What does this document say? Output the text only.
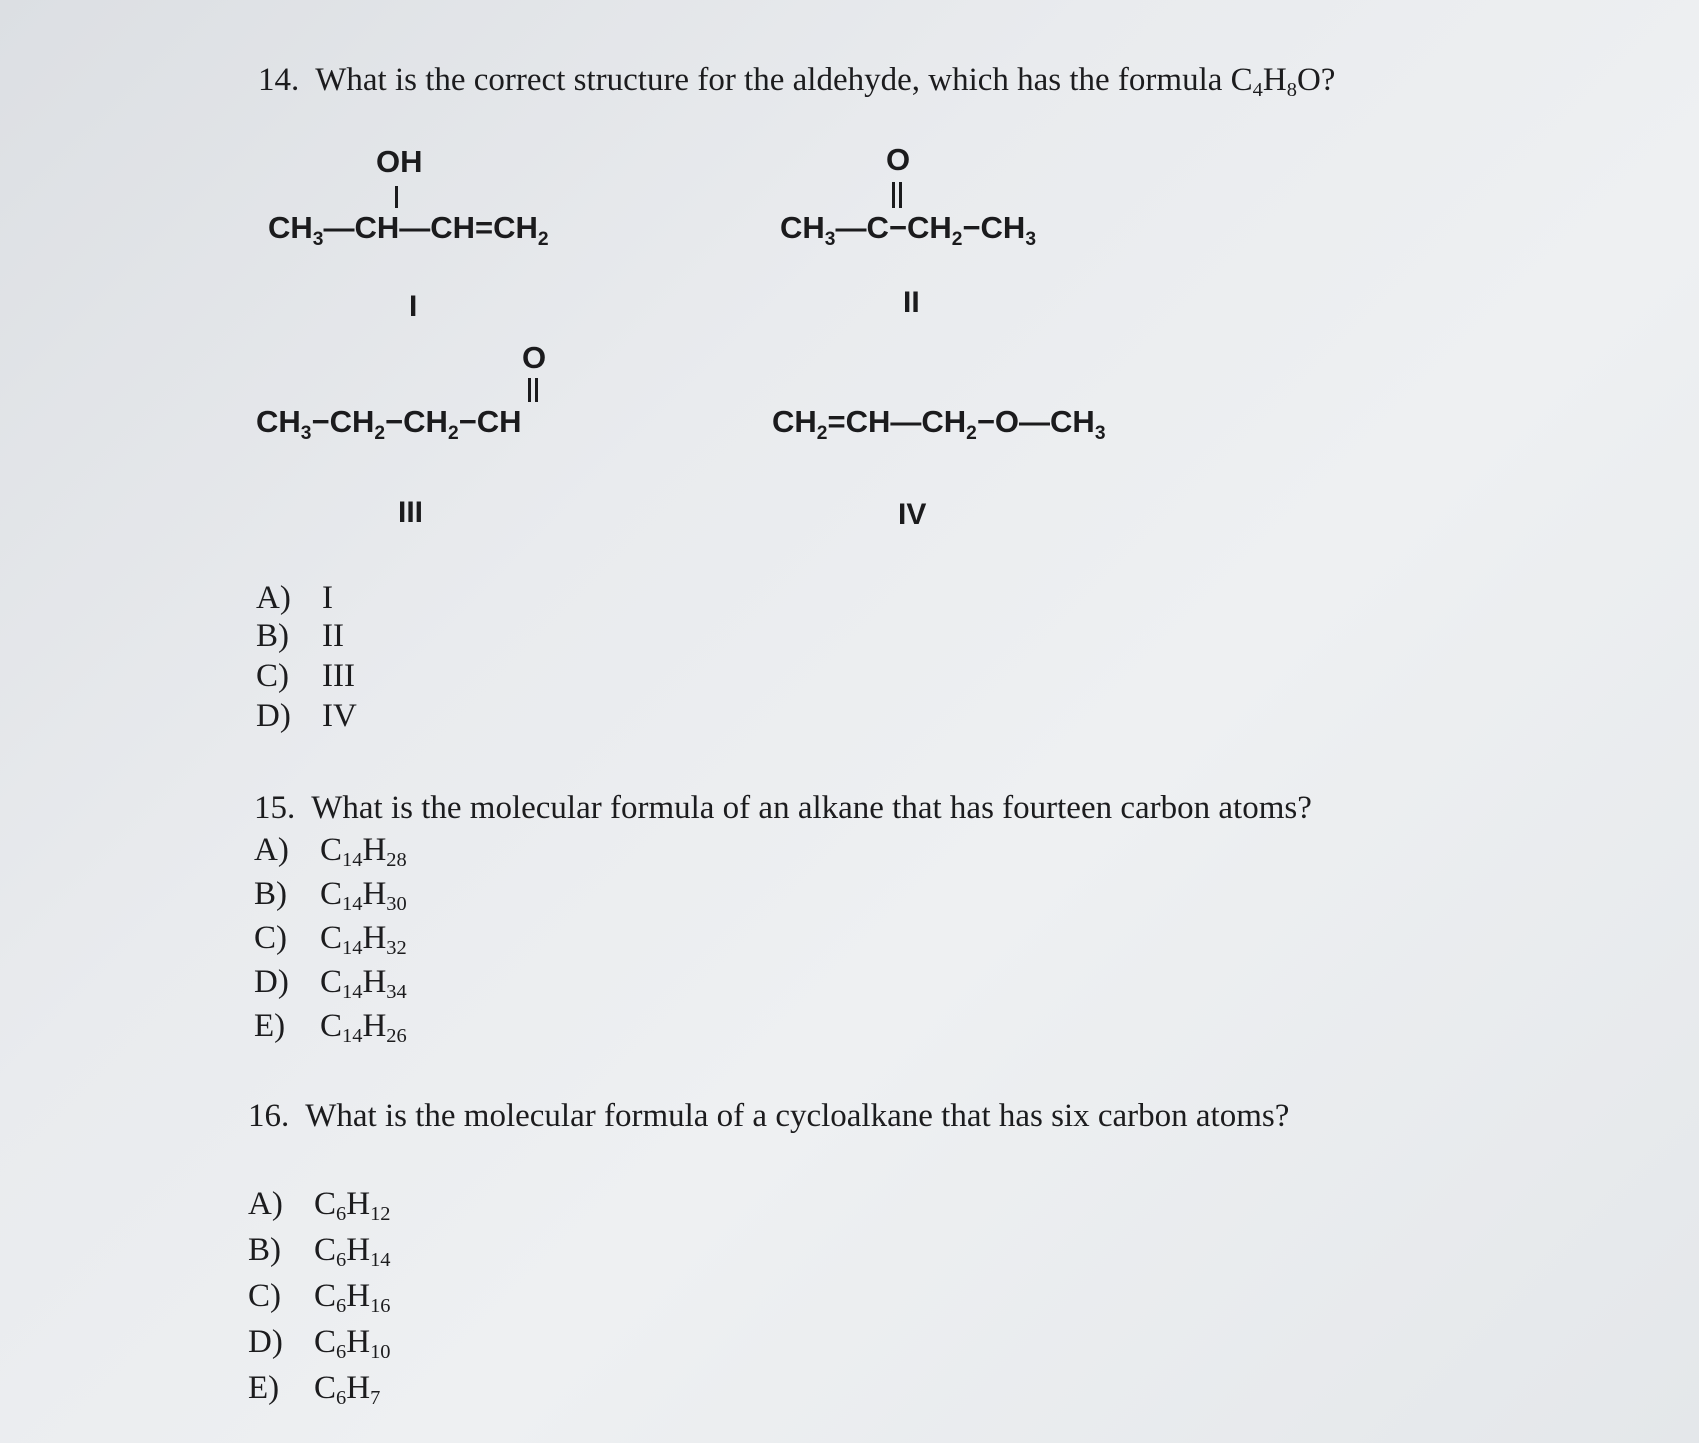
14. What is the correct structure for the aldehyde, which has the formula $C_4H_8O$?
OH
$CH_3—CH—CH=CH_2$
I
O
$CH_3—C-CH_2-CH_3$
II
O
$CH_3-CH_2-CH_2-CH$
III
$CH_2=CH—CH_2-O—CH_3$
IV
A) I
B) II
C) III
D) IV
15. What is the molecular formula of an alkane that has fourteen carbon atoms?
A) $C_{14}H_{28}$
B) $C_{14}H_{30}$
C) $C_{14}H_{32}$
D) $C_{14}H_{34}$
E) $C_{14}H_{26}$
16. What is the molecular formula of a cycloalkane that has six carbon atoms?
A) $C_6H_{12}$
B) $C_6H_{14}$
C) $C_6H_{16}$
D) $C_6H_{10}$
E) $C_6H_7$
